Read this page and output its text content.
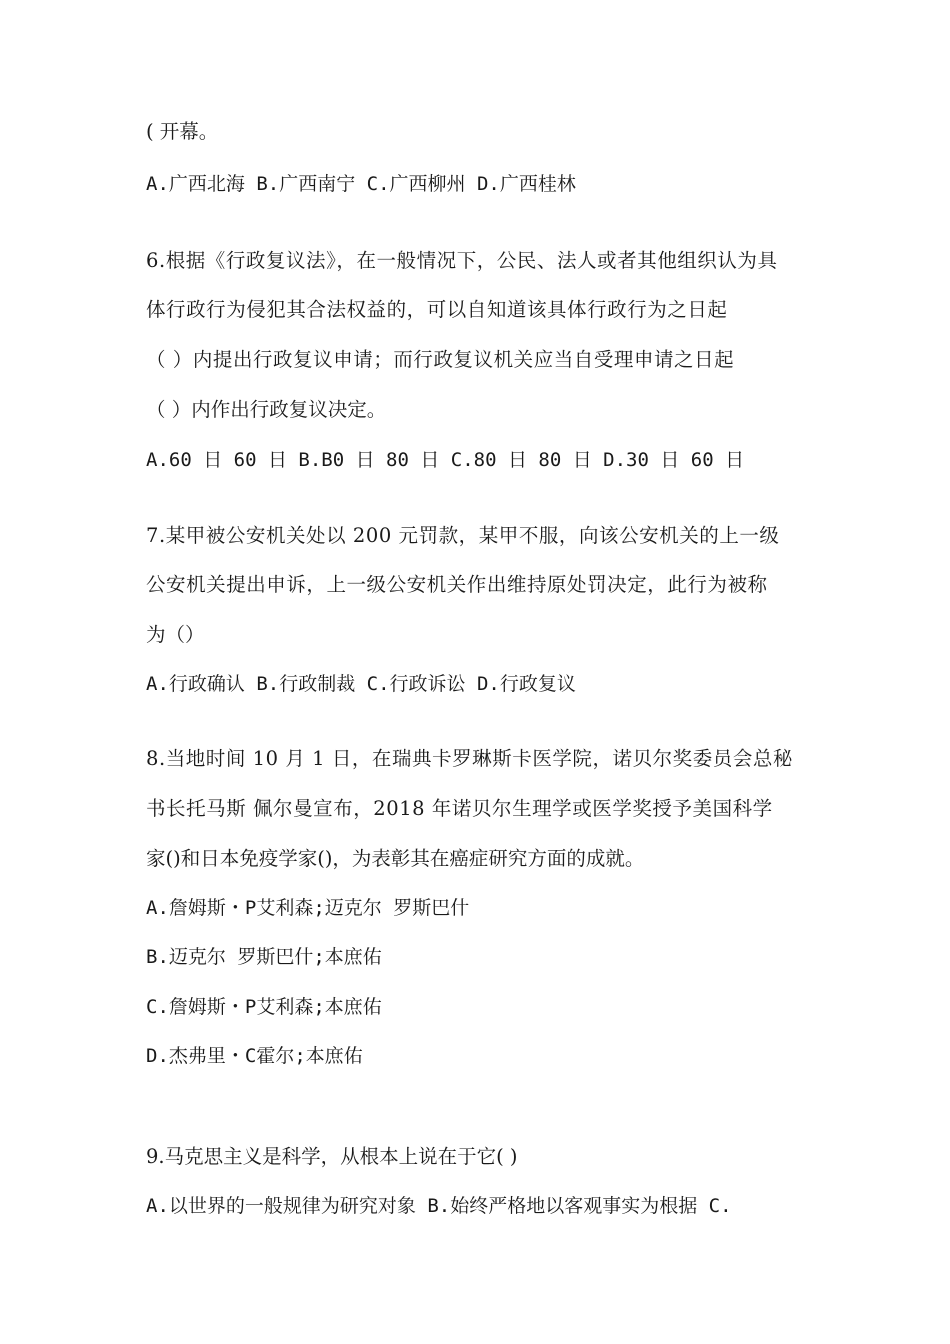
( 开幕。
A.广西北海 B.广西南宁 C.广西柳州 D.广西桂林
6.根据《行政复议法》，在一般情况下，公民、法人或者其他组织认为具
体行政行为侵犯其合法权益的，可以自知道该具体行政行为之日起
（ ）内提出行政复议申请；而行政复议机关应当自受理申请之日起
（ ）内作出行政复议决定。
A.60 日 60 日 B.B0 日 80 日 C.80 日 80 日 D.30 日 60 日
7.某甲被公安机关处以 200 元罚款，某甲不服，向该公安机关的上一级
公安机关提出申诉，上一级公安机关作出维持原处罚决定，此行为被称
为（）
A.行政确认 B.行政制裁 C.行政诉讼 D.行政复议
8.当地时间 10 月 1 日，在瑞典卡罗琳斯卡医学院，诺贝尔奖委员会总秘
书长托马斯 佩尔曼宣布，2018 年诺贝尔生理学或医学奖授予美国科学
家()和日本免疫学家()，为表彰其在癌症研究方面的成就。
A.詹姆斯・P艾利森;迈克尔 罗斯巴什
B.迈克尔 罗斯巴什;本庶佑
C.詹姆斯・P艾利森;本庶佑
D.杰弗里・C霍尔;本庶佑
9.马克思主义是科学，从根本上说在于它( )
A.以世界的一般规律为研究对象 B.始终严格地以客观事实为根据 C.
